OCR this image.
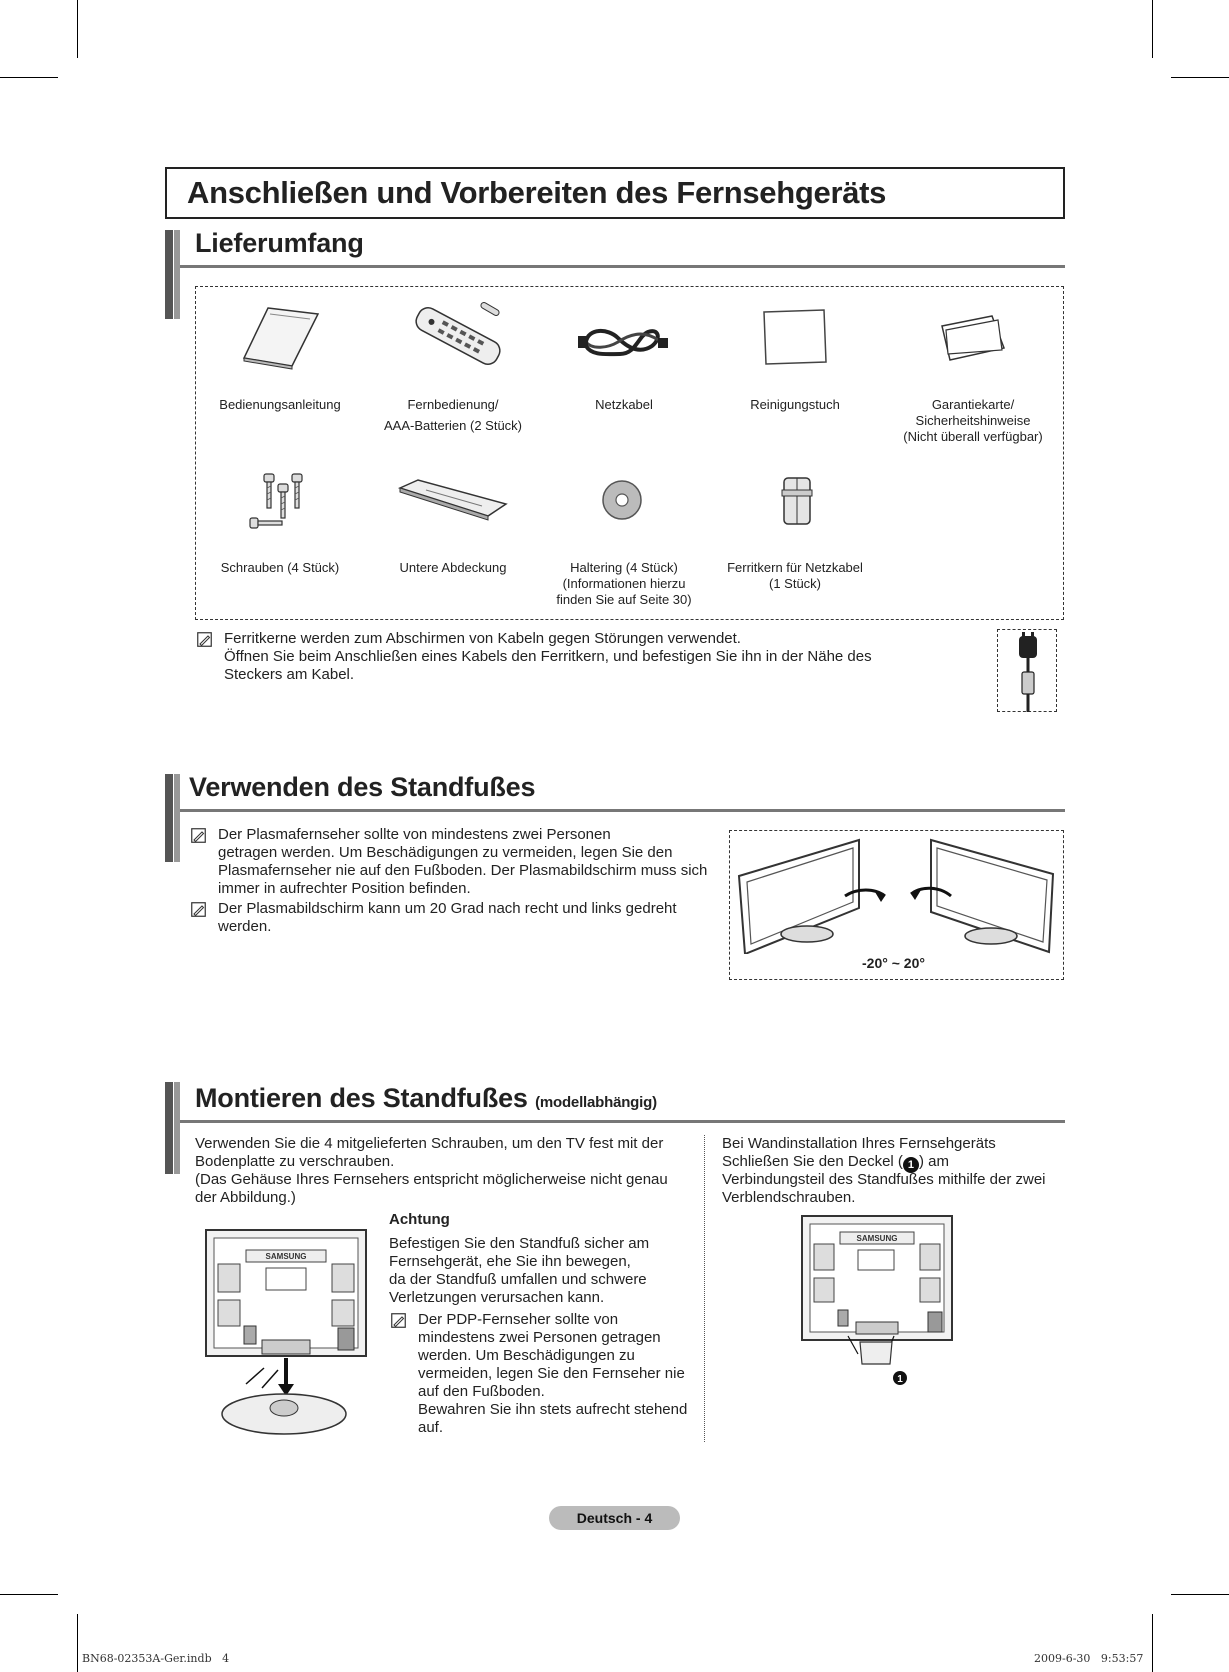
Anschließen und Vorbereiten des Fernsehgeräts
Lieferumfang
Bedienungsanleitung	Fernbedienung/
AAA-Batterien (2 Stück)
Netzkabel	Reinigungstuch	Garantiekarte/
Sicherheitshinweise
(Nicht überall verfügbar)
Schrauben (4 Stück)	Untere Abdeckung	Haltering (4 Stück)
(Informationen hierzu
finden Sie auf Seite 30)
Ferritkern für Netzkabel
(1 Stück)
Ferritkerne werden zum Abschirmen von Kabeln gegen Störungen verwendet.
Öffnen Sie beim Anschließen eines Kabels den Ferritkern, und befestigen Sie ihn in der Nähe des
Steckers am Kabel.
Verwenden des Standfußes
Der Plasmafernseher sollte von mindestens zwei Personen
getragen werden. Um Beschädigungen zu vermeiden, legen Sie den
Plasmafernseher nie auf den Fußboden. Der Plasmabildschirm muss sich
immer in aufrechter Position befinden.
Der Plasmabildschirm kann um 20 Grad nach recht und links gedreht
werden.
-20° ~ 20°
Montieren des Standfußes (modellabhängig)
Verwenden Sie die 4 mitgelieferten Schrauben, um den TV fest mit der
Bodenplatte zu verschrauben.
(Das Gehäuse Ihres Fernsehers entspricht möglicherweise nicht genau
der Abbildung.)
SAMSUNG
Achtung
Befestigen Sie den Standfuß sicher am
Fernsehgerät, ehe Sie ihn bewegen,
da der Standfuß umfallen und schwere
Verletzungen verursachen kann.
Der PDP-Fernseher sollte von
mindestens zwei Personen getragen
werden. Um Beschädigungen zu
vermeiden, legen Sie den Fernseher nie
auf den Fußboden.
Bewahren Sie ihn stets aufrecht stehend
auf.
Bei Wandinstallation Ihres Fernsehgeräts
Schließen Sie den Deckel ( 1 ) am
Verbindungsteil des Standfußes mithilfe der zwei
Verblendschrauben.
SAMSUNG
1
Deutsch - 4
BN68-02353A-Ger.indb   4	2009-6-30   9:53:57
